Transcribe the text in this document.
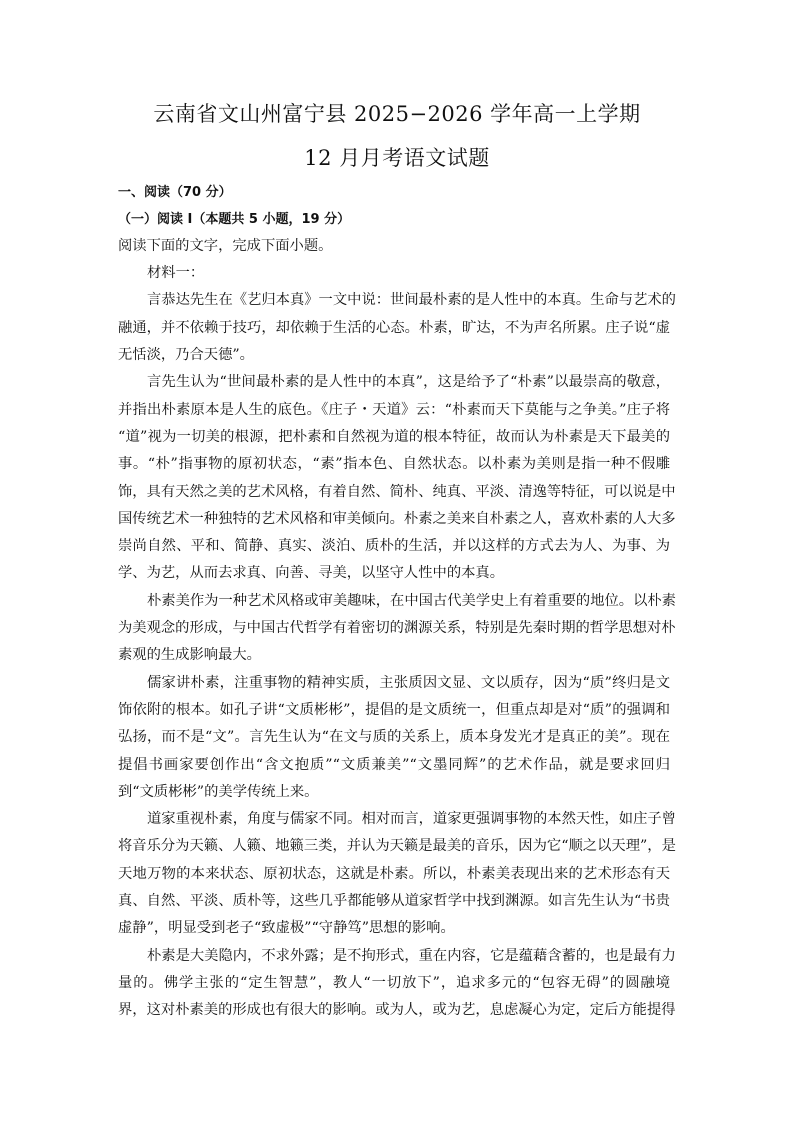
云南省文山州富宁县 2025−2026 学年高一上学期
12 月月考语文试题
一、阅读（70 分）
（一）阅读 I（本题共 5 小题，19 分）
阅读下面的文字，完成下面小题。
材料一：
言恭达先生在《艺归本真》一文中说：世间最朴素的是人性中的本真。生命与艺术的
融通，并不依赖于技巧，却依赖于生活的心态。朴素，旷达，不为声名所累。庄子说“虚
无恬淡，乃合天德”。
言先生认为“世间最朴素的是人性中的本真”，这是给予了“朴素”以最崇高的敬意，
并指出朴素原本是人生的底色。《庄子・天道》云：“朴素而天下莫能与之争美。”庄子将
“道”视为一切美的根源，把朴素和自然视为道的根本特征，故而认为朴素是天下最美的
事。“朴”指事物的原初状态，“素”指本色、自然状态。以朴素为美则是指一种不假雕
饰，具有天然之美的艺术风格，有着自然、简朴、纯真、平淡、清逸等特征，可以说是中
国传统艺术一种独特的艺术风格和审美倾向。朴素之美来自朴素之人，喜欢朴素的人大多
崇尚自然、平和、简静、真实、淡泊、质朴的生活，并以这样的方式去为人、为事、为
学、为艺，从而去求真、向善、寻美，以坚守人性中的本真。
朴素美作为一种艺术风格或审美趣味，在中国古代美学史上有着重要的地位。以朴素
为美观念的形成，与中国古代哲学有着密切的渊源关系，特别是先秦时期的哲学思想对朴
素观的生成影响最大。
儒家讲朴素，注重事物的精神实质，主张质因文显、文以质存，因为“质”终归是文
饰依附的根本。如孔子讲“文质彬彬”，提倡的是文质统一，但重点却是对“质”的强调和
弘扬，而不是“文”。言先生认为“在文与质的关系上，质本身发光才是真正的美”。现在
提倡书画家要创作出“含文抱质”“文质兼美”“文墨同辉”的艺术作品，就是要求回归
到“文质彬彬”的美学传统上来。
道家重视朴素，角度与儒家不同。相对而言，道家更强调事物的本然天性，如庄子曾
将音乐分为天籁、人籁、地籁三类，并认为天籁是最美的音乐，因为它“顺之以天理”，是
天地万物的本来状态、原初状态，这就是朴素。所以，朴素美表现出来的艺术形态有天
真、自然、平淡、质朴等，这些几乎都能够从道家哲学中找到渊源。如言先生认为“书贵
虚静”，明显受到老子“致虚极”“守静笃”思想的影响。
朴素是大美隐内，不求外露；是不拘形式，重在内容，它是蕴藉含蓄的，也是最有力
量的。佛学主张的“定生智慧”，教人“一切放下”，追求多元的“包容无碍”的圆融境
界，这对朴素美的形成也有很大的影响。或为人，或为艺，息虑凝心为定，定后方能提得
